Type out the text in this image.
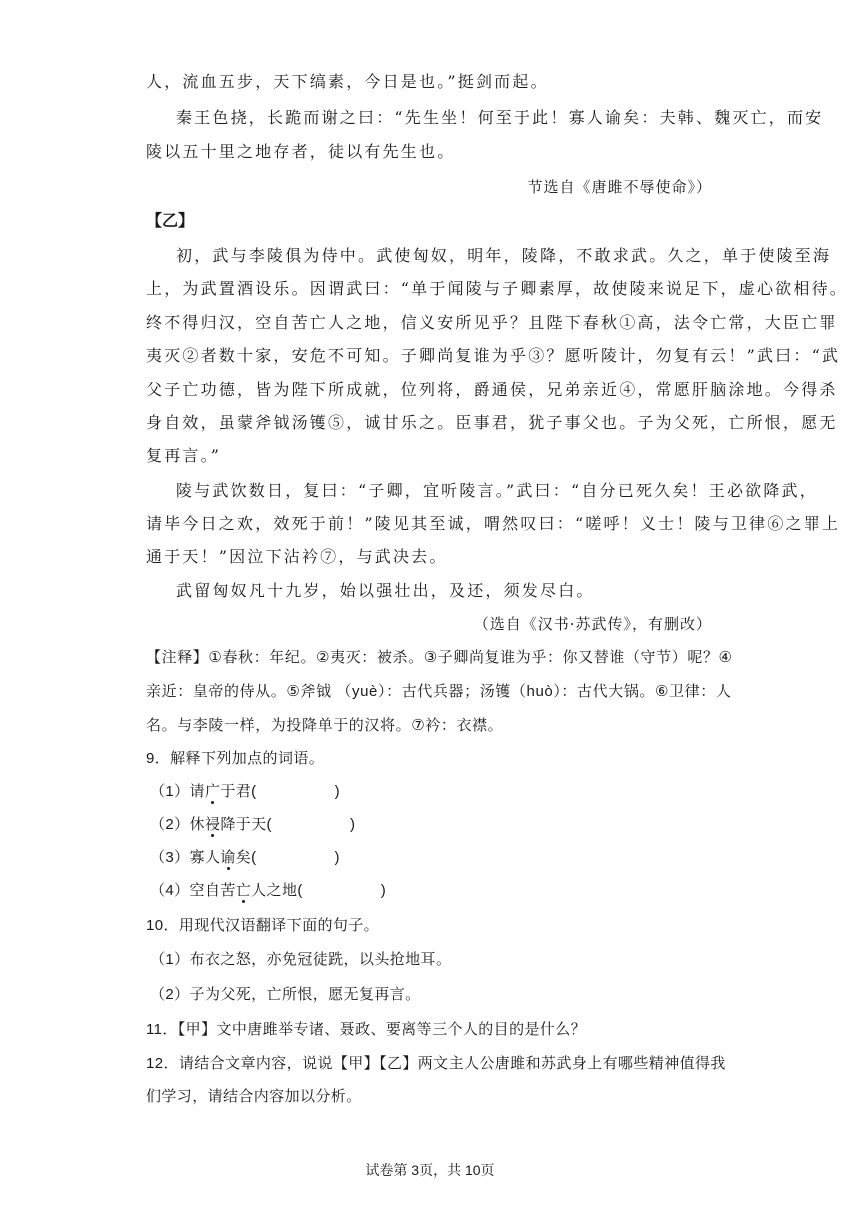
人，流血五步，天下缟素，今日是也。”挺剑而起。
秦王色挠，长跪而谢之曰：“先生坐！何至于此！寡人谕矣：夫韩、魏灭亡，而安
陵以五十里之地存者，徒以有先生也。
节选自《唐雎不辱使命》）
【乙】
初，武与李陵俱为侍中。武使匈奴，明年，陵降，不敢求武。久之，单于使陵至海
上，为武置酒设乐。因谓武曰：“单于闻陵与子卿素厚，故使陵来说足下，虚心欲相待。
终不得归汉，空自苦亡人之地，信义安所见乎？且陛下春秋①高，法令亡常，大臣亡罪
夷灭②者数十家，安危不可知。子卿尚复谁为乎③？愿听陵计，勿复有云！”武曰：“武
父子亡功德，皆为陛下所成就，位列将，爵通侯，兄弟亲近④，常愿肝脑涂地。今得杀
身自效，虽蒙斧钺汤镬⑤，诚甘乐之。臣事君，犹子事父也。子为父死，亡所恨，愿无
复再言。”
陵与武饮数日，复曰：“子卿，宜听陵言。”武曰：“自分已死久矣！王必欲降武，
请毕今日之欢，效死于前！”陵见其至诚，喟然叹曰：“嗟呼！义士！陵与卫律⑥之罪上
通于天！”因泣下沾衿⑦，与武决去。
武留匈奴凡十九岁，始以强壮出，及还，须发尽白。
（选自《汉书·苏武传》，有删改）
【注释】①春秋：年纪。②夷灭：被杀。③子卿尚复谁为乎：你又替谁（守节）呢？④
亲近：皇帝的侍从。⑤斧钺 （yuè）：古代兵器；汤镬（huò）：古代大锅。⑥卫律：人
名。与李陵一样，为投降单于的汉将。⑦衿：衣襟。
9．解释下列加点的词语。
（1）请广于君(	)
（2）休祲降于天(	)
（3）寡人谕矣(	)
（4）空自苦亡人之地(	)
10．用现代汉语翻译下面的句子。
（1）布衣之怒，亦免冠徒跣，以头抢地耳。
（2）子为父死，亡所恨，愿无复再言。
11．【甲】文中唐雎举专诸、聂政、要离等三个人的目的是什么？
12．请结合文章内容，说说【甲】【乙】两文主人公唐雎和苏武身上有哪些精神值得我
们学习，请结合内容加以分析。
试卷第 3页，共 10页
